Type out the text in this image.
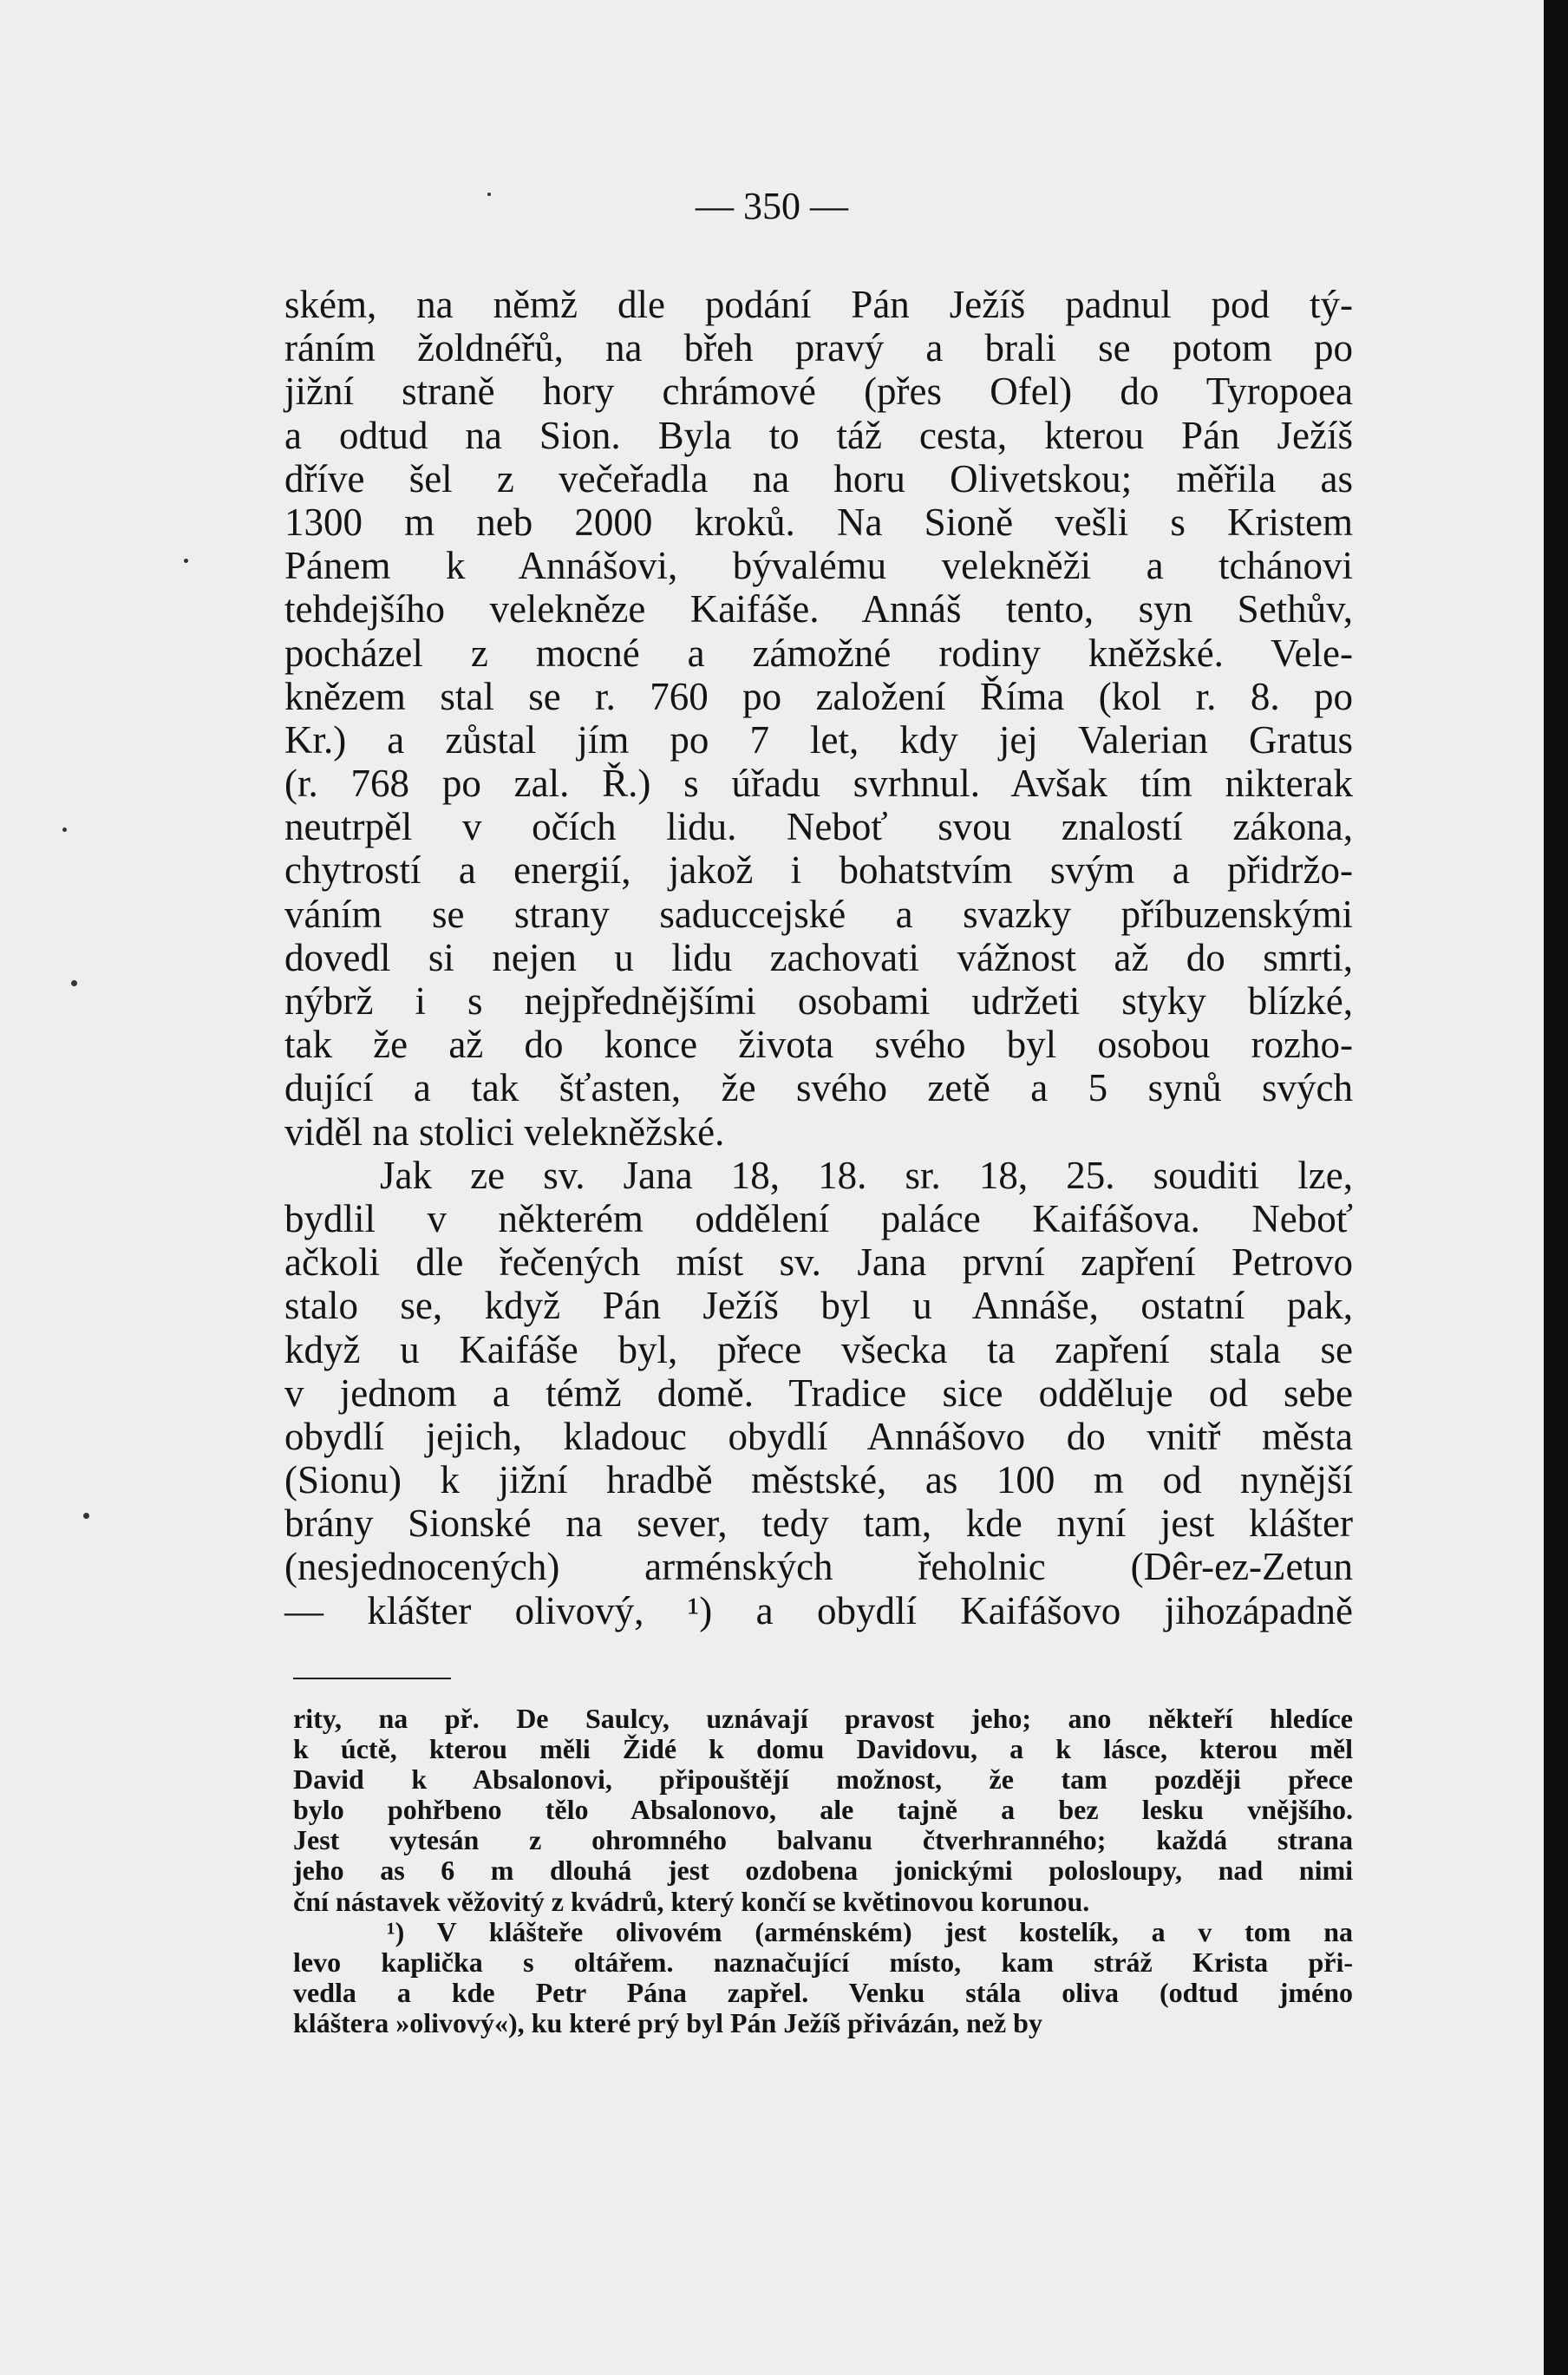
— 350 —
ském, na němž dle podání Pán Ježíš padnul pod tý-
ráním žoldnéřů, na břeh pravý a brali se potom po
jižní straně hory chrámové (přes Ofel) do Tyropoea
a odtud na Sion. Byla to táž cesta, kterou Pán Ježíš
dříve šel z večeřadla na horu Olivetskou; měřila as
1300 m neb 2000 kroků. Na Sioně vešli s Kristem
Pánem k Annášovi, bývalému velekněži a tchánovi
tehdejšího velekněze Kaifáše. Annáš tento, syn Sethův,
pocházel z mocné a zámožné rodiny kněžské. Vele-
knězem stal se r. 760 po založení Říma (kol r. 8. po
Kr.) a zůstal jím po 7 let, kdy jej Valerian Gratus
(r. 768 po zal. Ř.) s úřadu svrhnul. Avšak tím nikterak
neutrpěl v očích lidu. Neboť svou znalostí zákona,
chytrostí a energií, jakož i bohatstvím svým a přidržo-
váním se strany saduccejské a svazky příbuzenskými
dovedl si nejen u lidu zachovati vážnost až do smrti,
nýbrž i s nejpřednějšími osobami udržeti styky blízké,
tak že až do konce života svého byl osobou rozho-
dující a tak šťasten, že svého zetě a 5 synů svých
viděl na stolici velekněžské.
Jak ze sv. Jana 18, 18. sr. 18, 25. souditi lze,
bydlil v některém oddělení paláce Kaifášova. Neboť
ačkoli dle řečených míst sv. Jana první zapření Petrovo
stalo se, když Pán Ježíš byl u Annáše, ostatní pak,
když u Kaifáše byl, přece všecka ta zapření stala se
v jednom a témž domě. Tradice sice odděluje od sebe
obydlí jejich, kladouc obydlí Annášovo do vnitř města
(Sionu) k jižní hradbě městské, as 100 m od nynější
brány Sionské na sever, tedy tam, kde nyní jest klášter
(nesjednocených) arménských řeholnic (Dêr-ez-Zetun
— klášter olivový, ¹) a obydlí Kaifášovo jihozápadně
rity, na př. De Saulcy, uznávají pravost jeho; ano někteří hledíce
k úctě, kterou měli Židé k domu Davidovu, a k lásce, kterou měl
David k Absalonovi, připouštějí možnost, že tam později přece
bylo pohřbeno tělo Absalonovo, ale tajně a bez lesku vnějšího.
Jest vytesán z ohromného balvanu čtverhranného; každá strana
jeho as 6 m dlouhá jest ozdobena jonickými polosloupy, nad nimi
ční nástavek věžovitý z kvádrů, který končí se květinovou korunou.
¹) V klášteře olivovém (arménském) jest kostelík, a v tom na
levo kaplička s oltářem. naznačující místo, kam stráž Krista při-
vedla a kde Petr Pána zapřel. Venku stála oliva (odtud jméno
kláštera »olivový«), ku které prý byl Pán Ježíš přivázán, než by
